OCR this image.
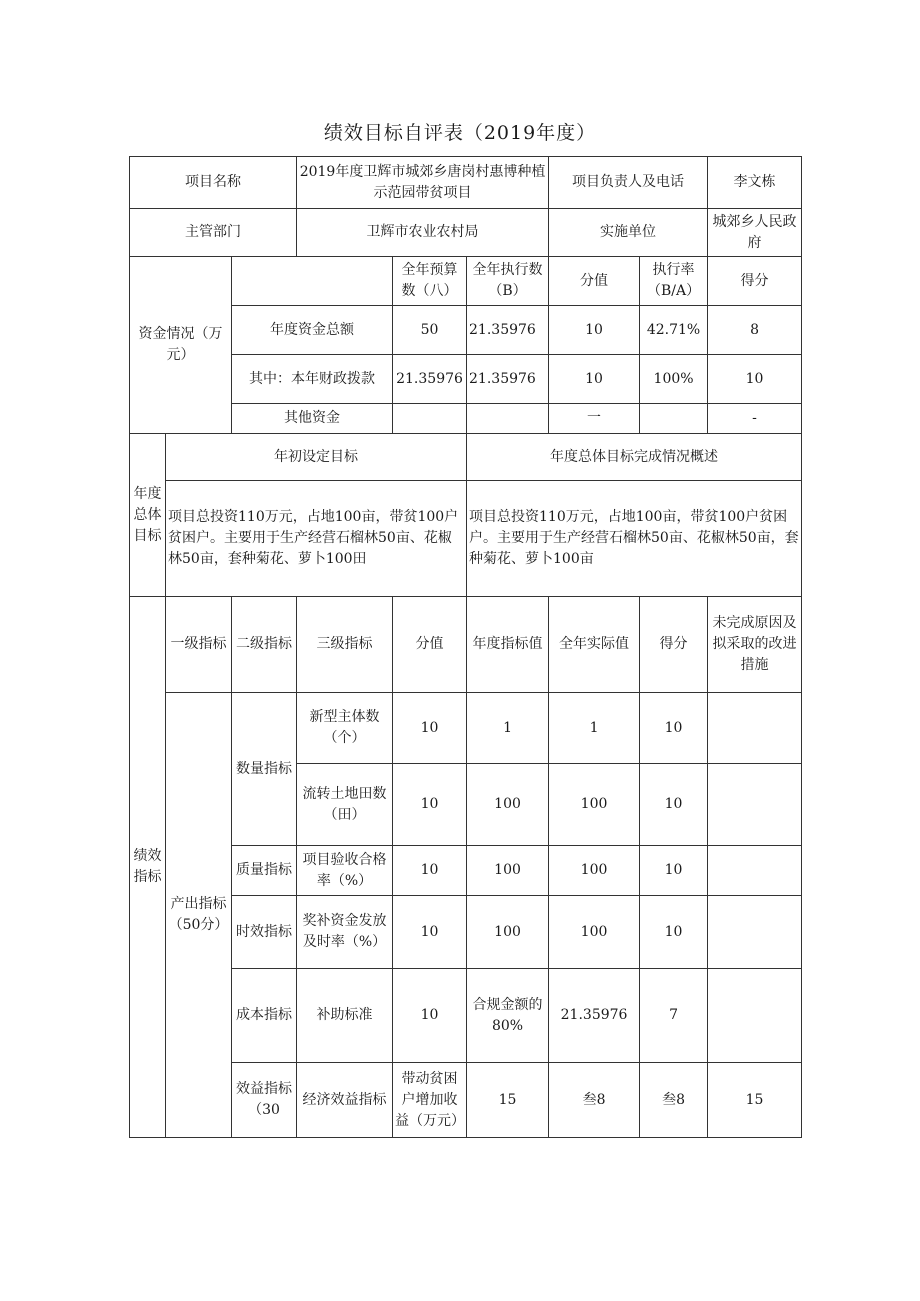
绩效目标自评表（2019年度）
项目名称			2019年度卫辉市城郊乡唐岗村惠博种植示范园带贫项目			项目负责人及电话		李文栋	
主管部门			卫辉市农业农村局			实施单位		城郊乡人民政府	
资金情况（万元）				全年预算数（八）	全年执行数（B）	分值	执行率（B/A）	得分	
		年度资金总额		50	21.35976	10	42.71%	8	
		其中：本年财政拨款		21.35976	21.35976	10	100%	10	
		其他资金				一		-	
年度总体目标	年初设定目标				年度总体目标完成情况概述				
	项目总投资110万元，占地100亩，带贫100户贫困户。主要用于生产经营石榴林50亩、花椒林50亩，套种菊花、萝卜100田				项目总投资110万元，占地100亩，带贫100户贫困户。主要用于生产经营石榴林50亩、花椒林50亩，套种菊花、萝卜100亩				
绩效指标	一级指标	二级指标	三级指标	分值	年度指标值	全年实际值	得分	未完成原因及拟采取的改进措施	
	产出指标（50分）	数量指标	新型主体数（个）	10	1	1	10		
			流转土地田数（田）	10	100	100	10		
		质量指标	项目验收合格率（%）	10	100	100	10		
		时效指标	奖补资金发放及时率（%）	10	100	100	10		
		成本指标	补助标准	10	合规金额的80%	21.35976	7		
		效益指标（30	经济效益指标	带动贫困户增加收益（万元）	15	叁8	叁8	15	
